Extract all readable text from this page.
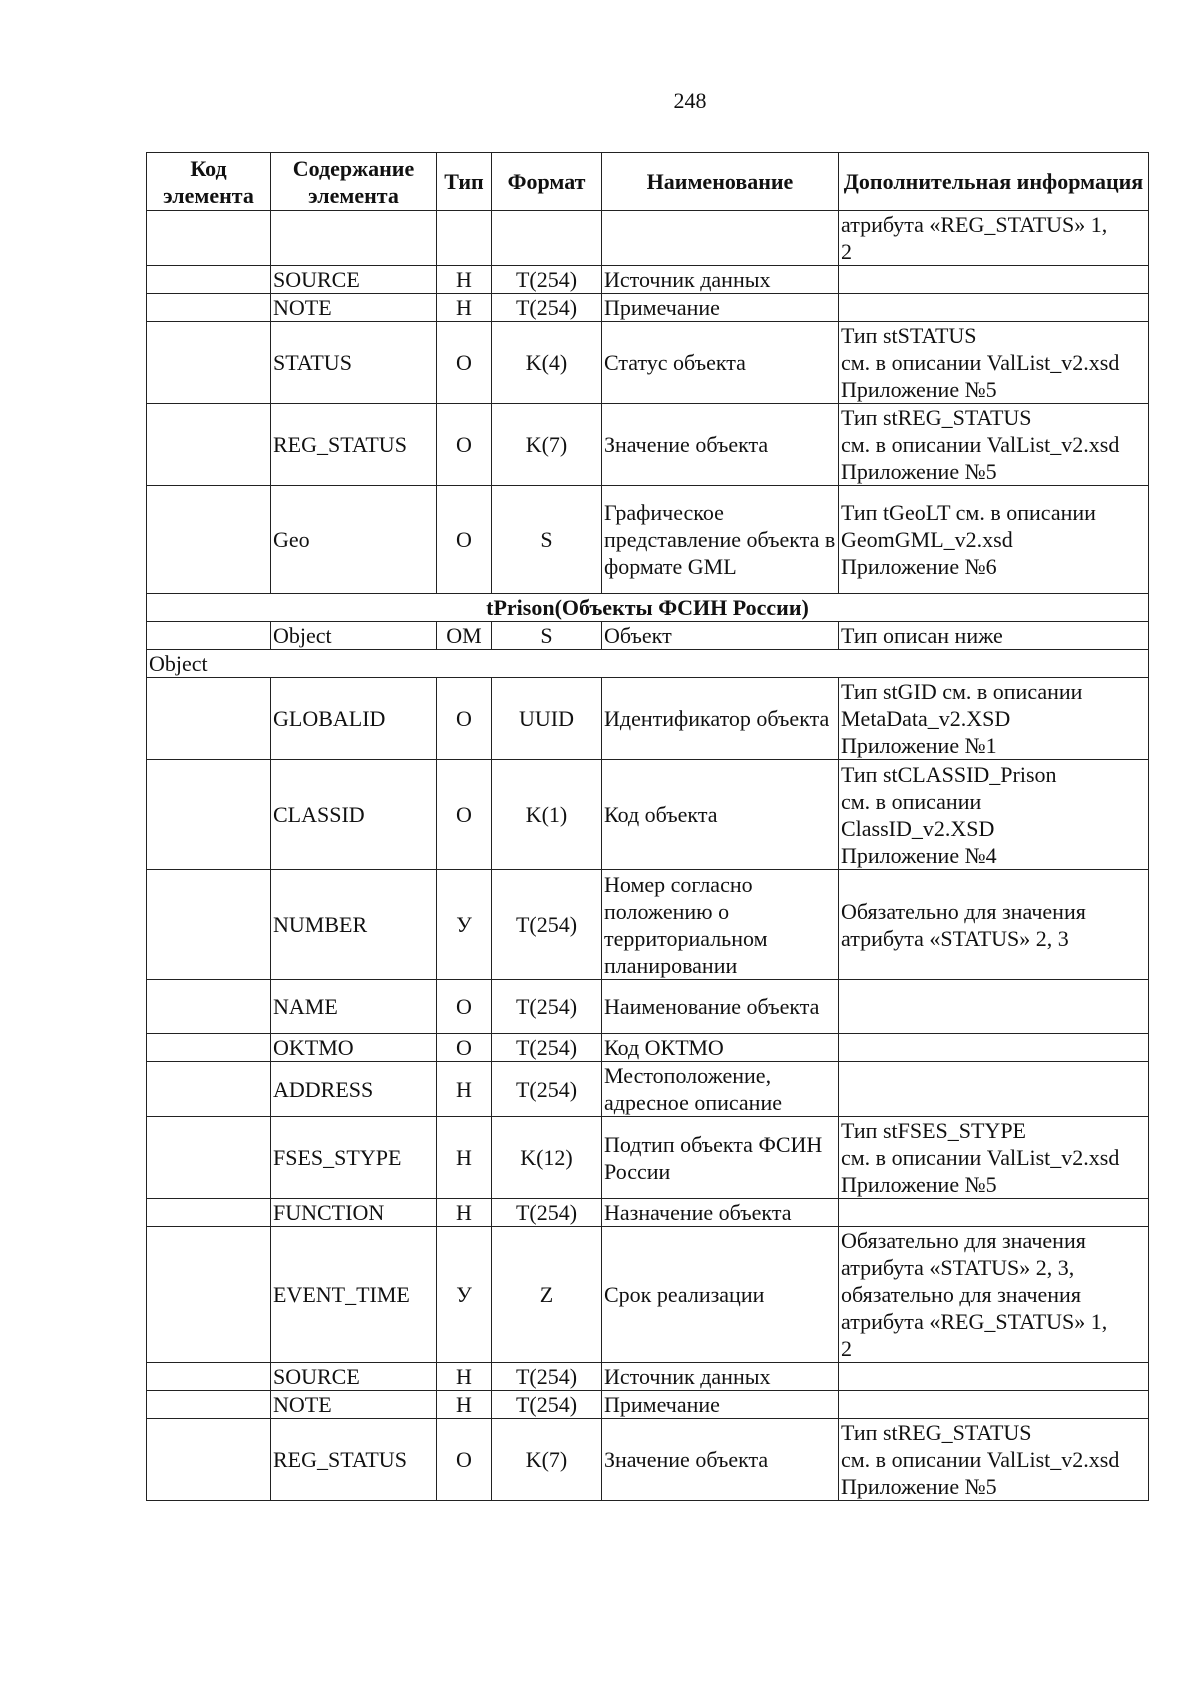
248
Код элемента	Содержание элемента	Тип	Формат	Наименование	Дополнительная информация

					атрибута «REG_STATUS» 1,
2

	SOURCE	Н	Т(254)	Источник данных	
	NOTE	Н	Т(254)	Примечание	
	STATUS	О	K(4)	Статус объекта	Тип stSTATUS
см. в описании ValList_v2.xsd
Приложение №5

	REG_STATUS	О	K(7)	Значение объекта	Тип stREG_STATUS
см. в описании ValList_v2.xsd
Приложение №5

	Geo	О	S	Графическое представление объекта в формате GML	Тип tGeoLT см. в описании
GeomGML_v2.xsd
Приложение №6

tPrison(Объекты ФСИН России)					
	Object	ОМ	S	Объект	Тип описан ниже
Object					
	GLOBALID	О	UUID	Идентификатор объекта	Тип stGID см. в описании
MetaData_v2.XSD
Приложение №1

	CLASSID	О	K(1)	Код объекта	Тип stCLASSID_Prison
см. в описании
ClassID_v2.XSD
Приложение №4

	NUMBER	У	Т(254)	Номер согласно положению о территориальном планировании	Обязательно для значения
атрибута «STATUS» 2, 3

	NAME	О	Т(254)	Наименование объекта	
	OKTMO	О	Т(254)	Код ОКТМО	
	ADDRESS	Н	Т(254)	Местоположение, адресное описание	
	FSES_STYPE	Н	K(12)	Подтип объекта ФСИН России	Тип stFSES_STYPE
см. в описании ValList_v2.xsd
Приложение №5

	FUNCTION	Н	Т(254)	Назначение объекта	
	EVENT_TIME	У	Z	Срок реализации	Обязательно для значения
атрибута «STATUS» 2, 3,
обязательно для значения
атрибута «REG_STATUS» 1,
2

	SOURCE	Н	Т(254)	Источник данных	
	NOTE	Н	Т(254)	Примечание	
	REG_STATUS	О	K(7)	Значение объекта	Тип stREG_STATUS
см. в описании ValList_v2.xsd
Приложение №5
